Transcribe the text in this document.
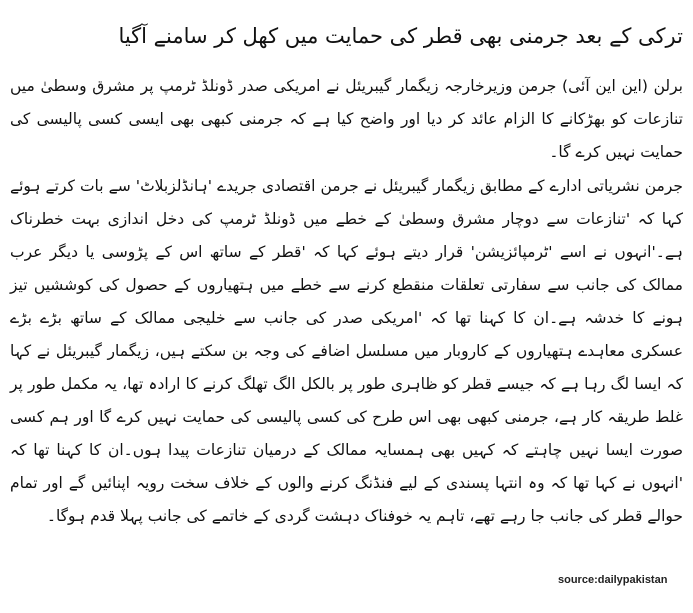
ترکی کے بعد جرمنی بھی قطر کی حمایت میں کھل کر سامنے آگیا

برلن (این این آئی) جرمن وزیرخارجہ زیگمار گیبریئل نے امریکی صدر ڈونلڈ ٹرمپ پر مشرق وسطیٰ میں تنازعات کو بھڑکانے کا الزام عائد کر دیا اور واضح کیا ہے کہ جرمنی کبھی بھی ایسی کسی پالیسی کی حمایت نہیں کرے گا۔

جرمن نشریاتی ادارے کے مطابق زیگمار گیبریئل نے جرمن اقتصادی جریدے 'ہانڈلزبلاٹ' سے بات کرتے ہوئے کہا کہ 'تنازعات سے دوچار مشرق وسطیٰ کے خطے میں ڈونلڈ ٹرمپ کی دخل اندازی بہت خطرناک ہے۔'انہوں نے اسے 'ٹرمپائزیشن' قرار دیتے ہوئے کہا کہ 'قطر کے ساتھ اس کے پڑوسی یا دیگر عرب ممالک کی جانب سے سفارتی تعلقات منقطع کرنے سے خطے میں ہتھیاروں کے حصول کی کوششیں تیز ہونے کا خدشہ ہے۔ان کا کہنا تھا کہ 'امریکی صدر کی جانب سے خلیجی ممالک کے ساتھ بڑے بڑے عسکری معاہدے ہتھیاروں کے کاروبار میں مسلسل اضافے کی وجہ بن سکتے ہیں، زیگمار گیبریئل نے کہا کہ ایسا لگ رہا ہے کہ جیسے قطر کو ظاہری طور پر بالکل الگ تھلگ کرنے کا ارادہ تھا، یہ مکمل طور پر غلط طریقہ کار ہے، جرمنی کبھی بھی اس طرح کی کسی پالیسی کی حمایت نہیں کرے گا اور ہم کسی صورت ایسا نہیں چاہتے کہ کہیں بھی ہمسایہ ممالک کے درمیان تنازعات پیدا ہوں۔ان کا کہنا تھا کہ 'انہوں نے کہا تھا کہ وہ انتہا پسندی کے لیے فنڈنگ کرنے والوں کے خلاف سخت رویہ اپنائیں گے اور تمام حوالے قطر کی جانب جا رہے تھے، تاہم یہ خوفناک دہشت گردی کے خاتمے کی جانب پہلا قدم ہوگا۔

source:dailypakistan
